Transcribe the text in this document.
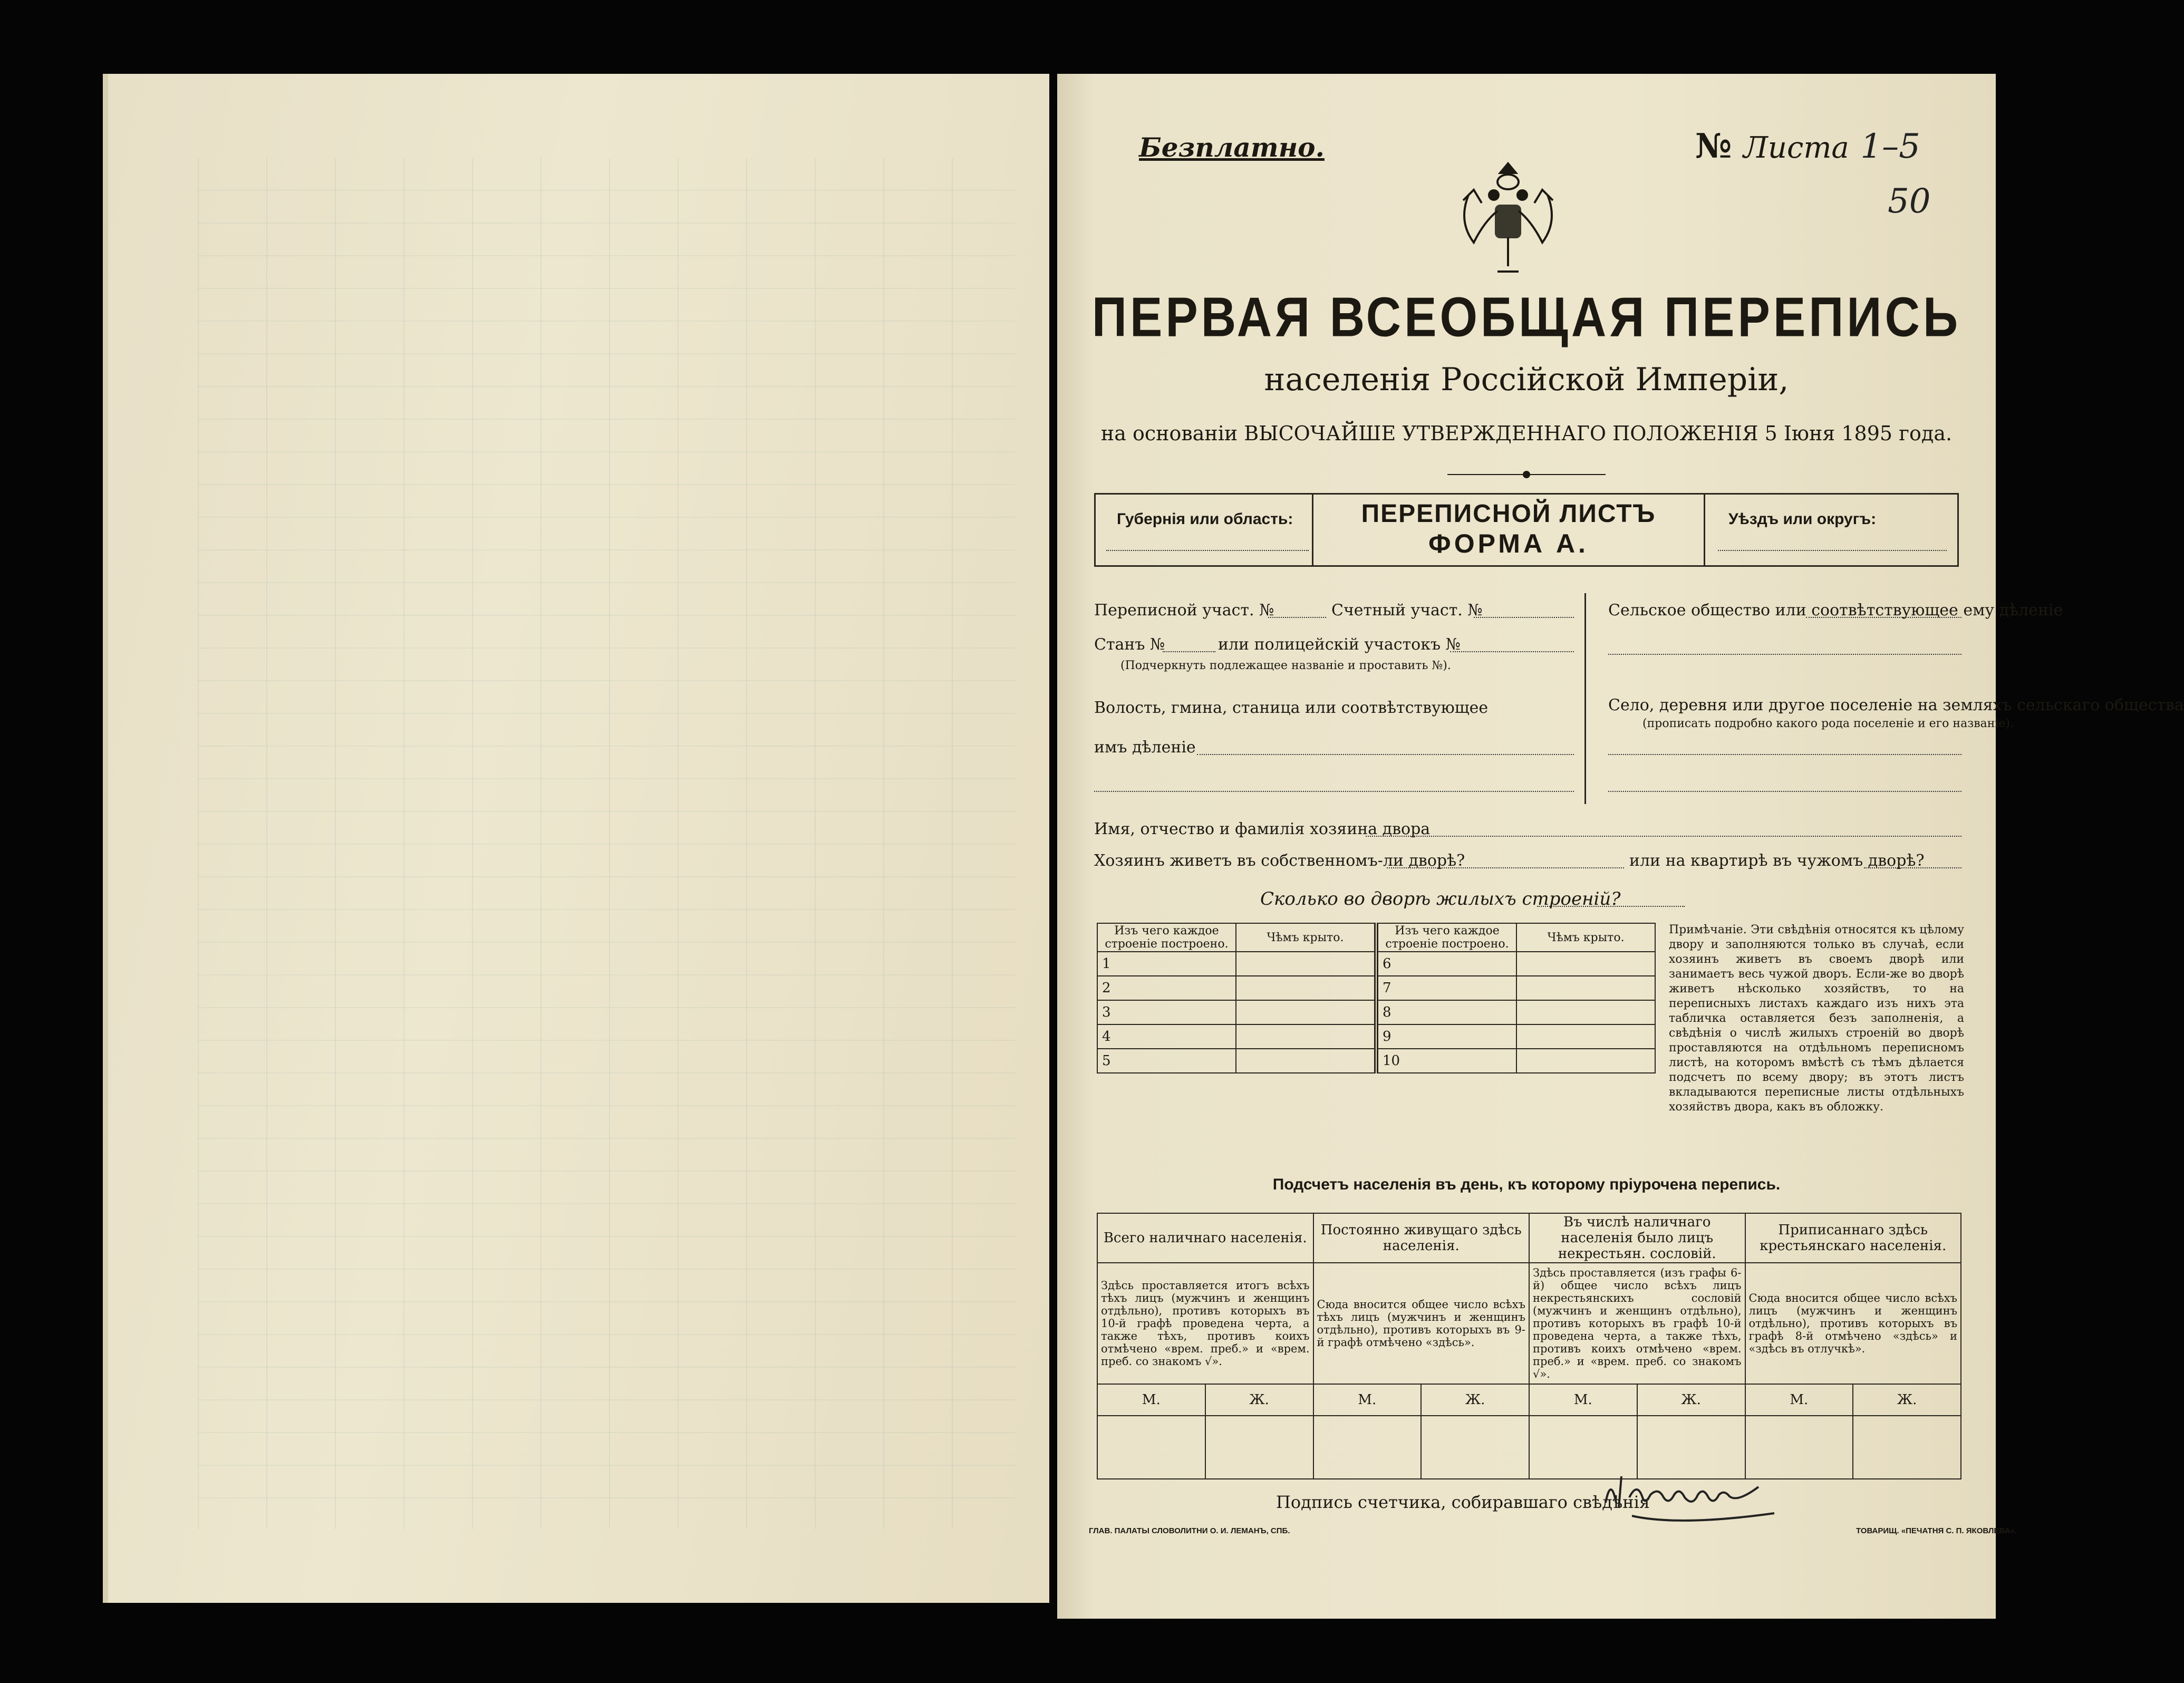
Безплатно.	№ Листа 1–5
50
ПЕРВАЯ ВСЕОБЩАЯ ПЕРЕПИСЬ
населенія Россійской Имперіи,
на основаніи ВЫСОЧАЙШЕ УТВЕРЖДЕННАГО ПОЛОЖЕНІЯ 5 Іюня 1895 года.
Губернія или область:	ПЕРЕПИСНОЙ ЛИСТЪ
ФОРМА А.
Уѣздъ или округъ:
Переписной участ. №	Счетный участ. №
Станъ №	или полицейскій участокъ №
(Подчеркнуть подлежащее названіе и проставить №).
Волость, гмина, станица или соотвѣтствующее
имъ дѣленіе
Сельское общество или соотвѣтствующее ему дѣленіе
Село, деревня или другое поселеніе на земляхъ сельскаго общества
(прописать подробно какого рода поселеніе и его названіе).
Имя, отчество и фамилія хозяина двора
Хозяинъ живетъ въ собственномъ-ли дворѣ?	или на квартирѣ въ чужомъ дворѣ?
Сколько во дворѣ жилыхъ строеній?
Изъ чего каждое строеніе построено.	Чѣмъ крыто.	Изъ чего каждое строеніе построено.	Чѣмъ крыто.
1		6	
2		7	
3		8	
4		9	
5		10	
Примѣчаніе. Эти свѣдѣнія относятся къ цѣлому двору и заполняются только въ случаѣ, если хозяинъ живетъ въ своемъ дворѣ или занимаетъ весь чужой дворъ. Если-же во дворѣ живетъ нѣсколько хозяйствъ, то на переписныхъ листахъ каждаго изъ нихъ эта табличка оставляется безъ заполненія, а свѣдѣнія о числѣ жилыхъ строеній во дворѣ проставляются на отдѣльномъ переписномъ листѣ, на которомъ вмѣстѣ съ тѣмъ дѣлается подсчетъ по всему двору; въ этотъ листъ вкладываются переписные листы отдѣльныхъ хозяйствъ двора, какъ въ обложку.
Подсчетъ населенія въ день, къ которому пріурочена перепись.
Всего наличнаго населенія.		Постоянно живущаго здѣсь населенія.		Въ числѣ наличнаго населенія было лицъ некрестьян. сословій.		Приписаннаго здѣсь крестьянскаго населенія.	
Здѣсь проставляется итогъ всѣхъ тѣхъ лицъ (мужчинъ и женщинъ отдѣльно), противъ которыхъ въ 10-й графѣ проведена черта, а также тѣхъ, противъ коихъ отмѣчено «врем. преб.» и «врем. преб. со знакомъ √».		Сюда вносится общее число всѣхъ тѣхъ лицъ (мужчинъ и женщинъ отдѣльно), противъ которыхъ въ 9-й графѣ отмѣчено «здѣсь».		Здѣсь проставляется (изъ графы 6-й) общее число всѣхъ лицъ некрестьянскихъ сословій (мужчинъ и женщинъ отдѣльно), противъ которыхъ въ графѣ 10-й проведена черта, а также тѣхъ, противъ коихъ отмѣчено «врем. преб.» и «врем. преб. со знакомъ √».		Сюда вносится общее число всѣхъ лицъ (мужчинъ и женщинъ отдѣльно), противъ которыхъ въ графѣ 8-й отмѣчено «здѣсь» и «здѣсь въ отлучкѣ».	
М.	Ж.	М.	Ж.	М.	Ж.	М.	Ж.

Подпись счетчика, собиравшаго свѣдѣнія
ГЛАВ. ПАЛАТЫ СЛОВОЛИТНИ О. И. ЛЕМАНЪ, СПБ.	ТОВАРИЩ. «ПЕЧАТНЯ С. П. ЯКОВЛЕВА».
